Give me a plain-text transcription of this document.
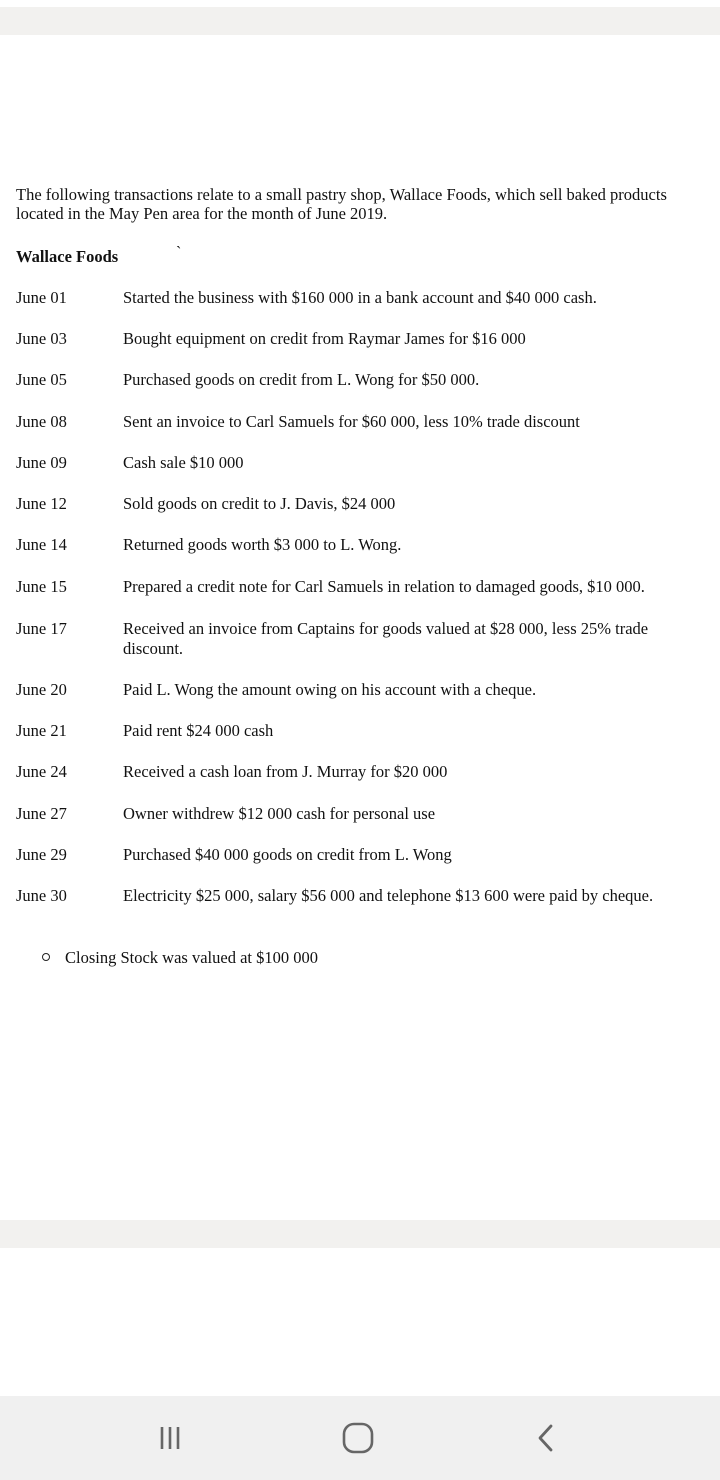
The following transactions relate to a small pastry shop, Wallace Foods, which sell baked products located in the May Pen area for the month of June 2019.

Wallace Foods	`
June 01	Started the business with $160 000 in a bank account and $40 000 cash.
June 03	Bought equipment on credit from Raymar James for $16 000
June 05	Purchased goods on credit from L. Wong for $50 000.
June 08	Sent an invoice to Carl Samuels for $60 000, less 10% trade discount
June 09	Cash sale $10 000
June 12	Sold goods on credit to J. Davis, $24 000
June 14	Returned goods worth $3 000 to L. Wong.
June 15	Prepared a credit note for Carl Samuels in relation to damaged goods, $10 000.
June 17	Received an invoice from Captains for goods valued at $28 000, less 25% trade discount.
June 20	Paid L. Wong the amount owing on his account with a cheque.
June 21	Paid rent $24 000 cash
June 24	Received a cash loan from J. Murray for $20 000
June 27	Owner withdrew $12 000 cash for personal use
June 29	Purchased $40 000 goods on credit from L. Wong
June 30	Electricity $25 000, salary $56 000 and telephone $13 600 were paid by cheque.
Closing Stock was valued at $100 000
